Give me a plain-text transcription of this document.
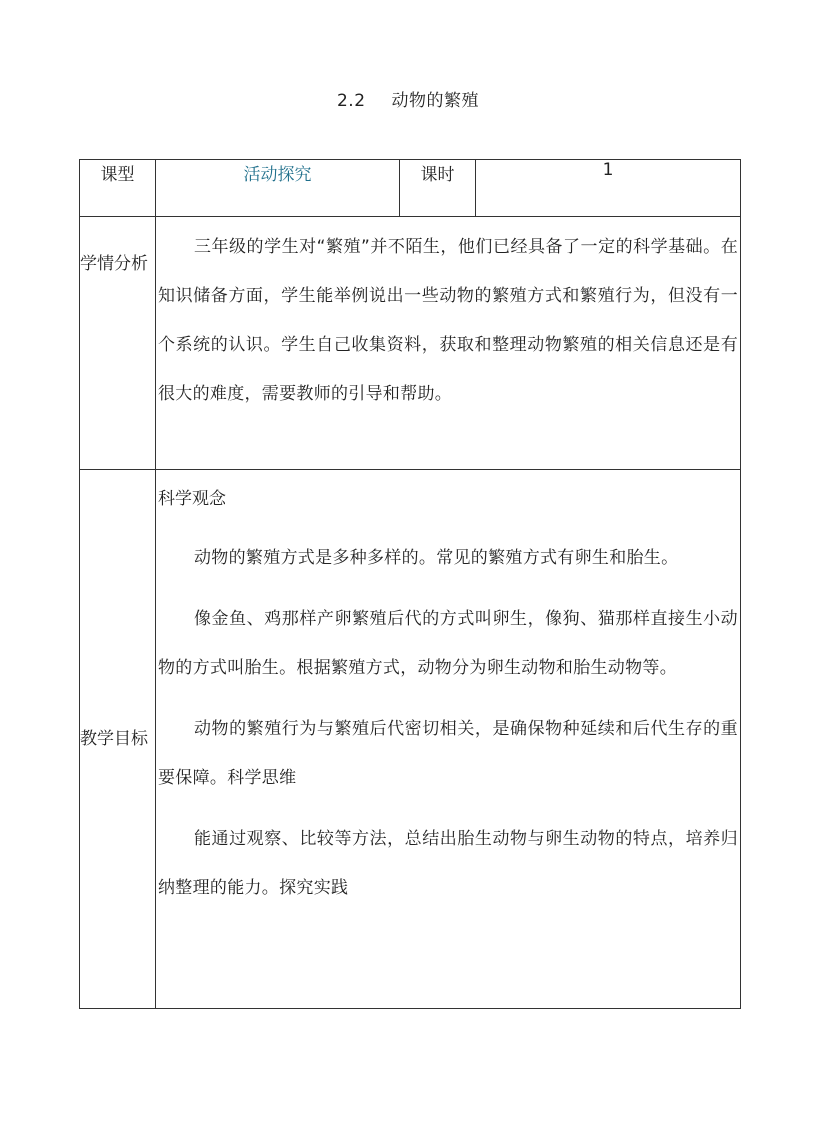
2.2 动物的繁殖
课型	活动探究	课时	1
学情分析	三年级的学生对“繁殖”并不陌生，他们已经具备了一定的科学基础。在知识储备方面，学生能举例说出一些动物的繁殖方式和繁殖行为，但没有一个系统的认识。学生自己收集资料，获取和整理动物繁殖的相关信息还是有很大的难度，需要教师的引导和帮助。		

教学目标	科学观念

动物的繁殖方式是多种多样的。常见的繁殖方式有卵生和胎生。

像金鱼、鸡那样产卵繁殖后代的方式叫卵生，像狗、猫那样直接生小动物的方式叫胎生。根据繁殖方式，动物分为卵生动物和胎生动物等。

动物的繁殖行为与繁殖后代密切相关，是确保物种延续和后代生存的重要保障。科学思维

能通过观察、比较等方法，总结出胎生动物与卵生动物的特点，培养归纳整理的能力。探究实践		
